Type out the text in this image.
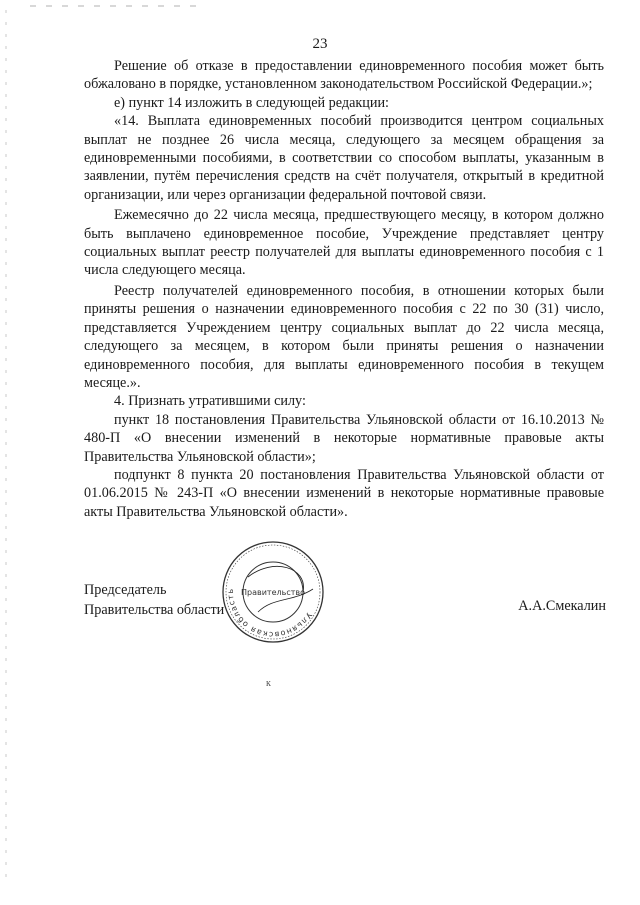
23

Решение об отказе в предоставлении единовременного пособия может быть обжаловано в порядке, установленном законодательством Российской Федерации.»;

е) пункт 14 изложить в следующей редакции:

«14. Выплата единовременных пособий производится центром социальных выплат не позднее 26 числа месяца, следующего за месяцем обращения за единовременными пособиями, в соответствии со способом выплаты, указанным в заявлении, путём перечисления средств на счёт получателя, открытый в кредитной организации, или через организации федеральной почтовой связи.

Ежемесячно до 22 числа месяца, предшествующего месяцу, в котором должно быть выплачено единовременное пособие, Учреждение представляет центру социальных выплат реестр получателей для выплаты единовременного пособия с 1 числа следующего месяца.

Реестр получателей единовременного пособия, в отношении которых были приняты решения о назначении единовременного пособия с 22 по 30 (31) число, представляется Учреждением центру социальных выплат до 22 числа месяца, следующего за месяцем, в котором были приняты решения о назначении единовременного пособия, для выплаты единовременного пособия в текущем месяце.».

4. Признать утратившими силу:

пункт 18 постановления Правительства Ульяновской области от 16.10.2013 № 480-П «О внесении изменений в некоторые нормативные правовые акты Правительства Ульяновской области»;

подпункт 8 пункта 20 постановления Правительства Ульяновской области от 01.06.2015 № 243-П «О внесении изменений в некоторые нормативные правовые акты Правительства Ульяновской области».

Председатель
Правительства области	А.А.Смекалин
Ульяновская область Правительство
к
